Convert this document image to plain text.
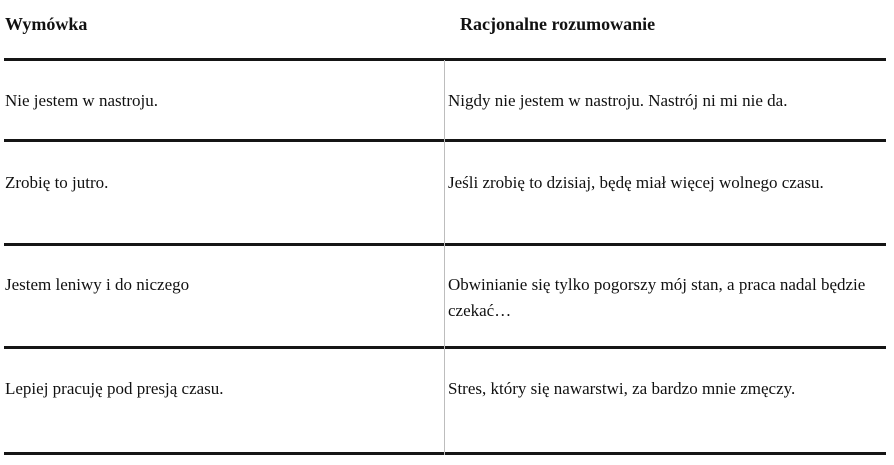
Wymówka	Racjonalne rozumowanie
Nie jestem w nastroju.	Nigdy nie jestem w nastroju. Nastrój ni mi nie da.
Zrobię to jutro.	Jeśli zrobię to dzisiaj, będę miał więcej wolnego czasu.
Jestem leniwy i do niczego	Obwinianie się tylko pogorszy mój stan, a praca nadal będzie czekać…
Lepiej pracuję pod presją czasu.	Stres, który się nawarstwi, za bardzo mnie zmęczy.
